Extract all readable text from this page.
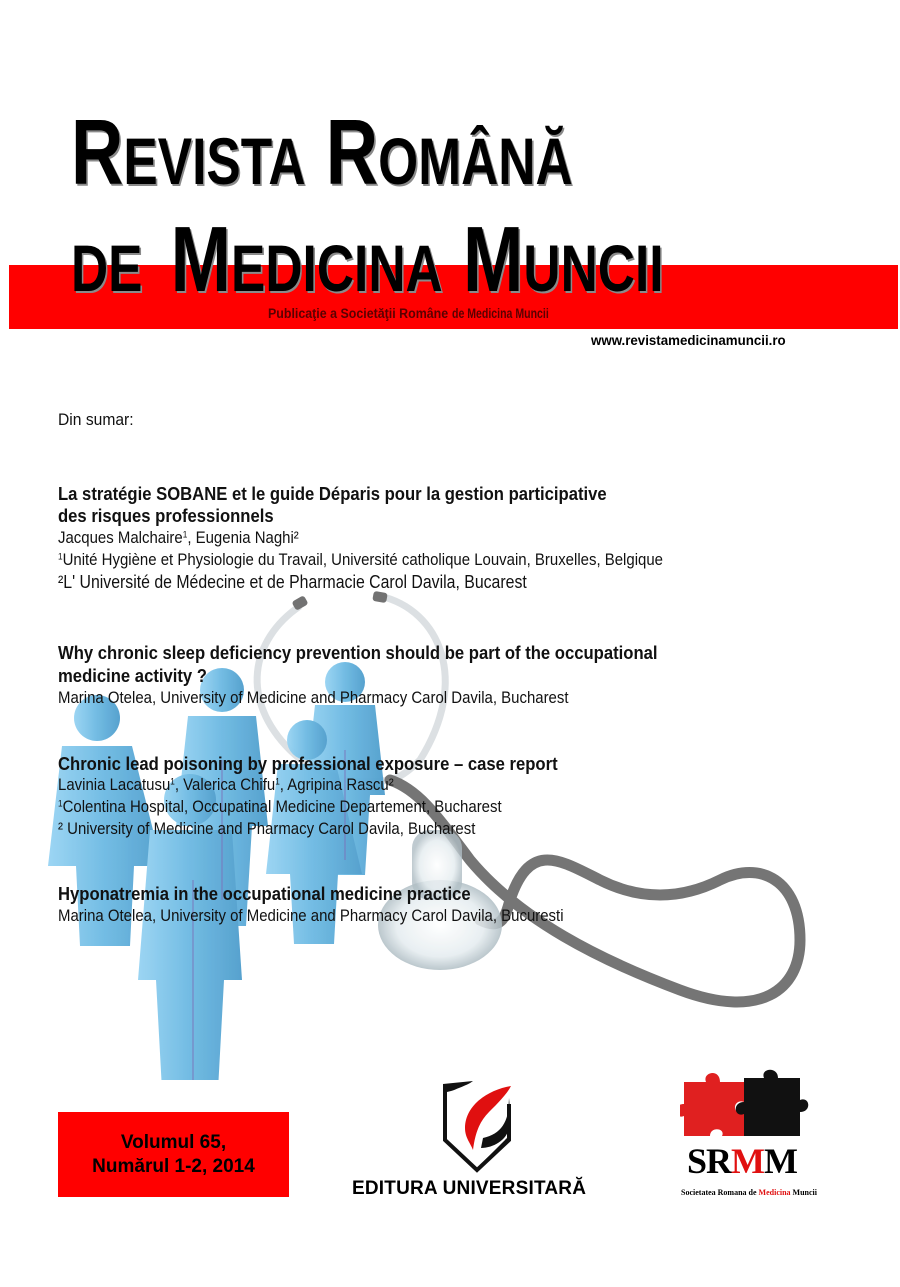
REVISTA ROMÂNĂ
DE MEDICINA MUNCII
Publicaţie a Societăţii Române de Medicina Muncii
www.revistamedicinamuncii.ro
Din sumar:
La stratégie SOBANE et le guide Déparis pour la gestion participative
des risques professionnels
Jacques Malchaire$^1$, Eugenia Naghi²
$^1$Unité Hygiène et Physiologie du Travail, Université catholique Louvain, Bruxelles, Belgique
²L' Université de Médecine et de Pharmacie Carol Davila, Bucarest
Why chronic sleep deficiency prevention should be part of the occupational
medicine activity ?
Marina Otelea, University of Medicine and Pharmacy Carol Davila, Bucharest
Chronic lead poisoning by professional exposure – case report
Lavinia Lacatusu$^1$, Valerica Chifu$^1$, Agripina Rascu²
$^1$Colentina Hospital, Occupatinal Medicine Departement, Bucharest
² University of Medicine and Pharmacy Carol Davila, Bucharest
Hyponatremia in the occupational medicine practice
Marina Otelea, University of Medicine and Pharmacy Carol Davila, Bucuresti
Volumul 65,
Numărul 1-2, 2014
EDITURA UNIVERSITARĂ
SRMM
Societatea Romana de Medicina Muncii
